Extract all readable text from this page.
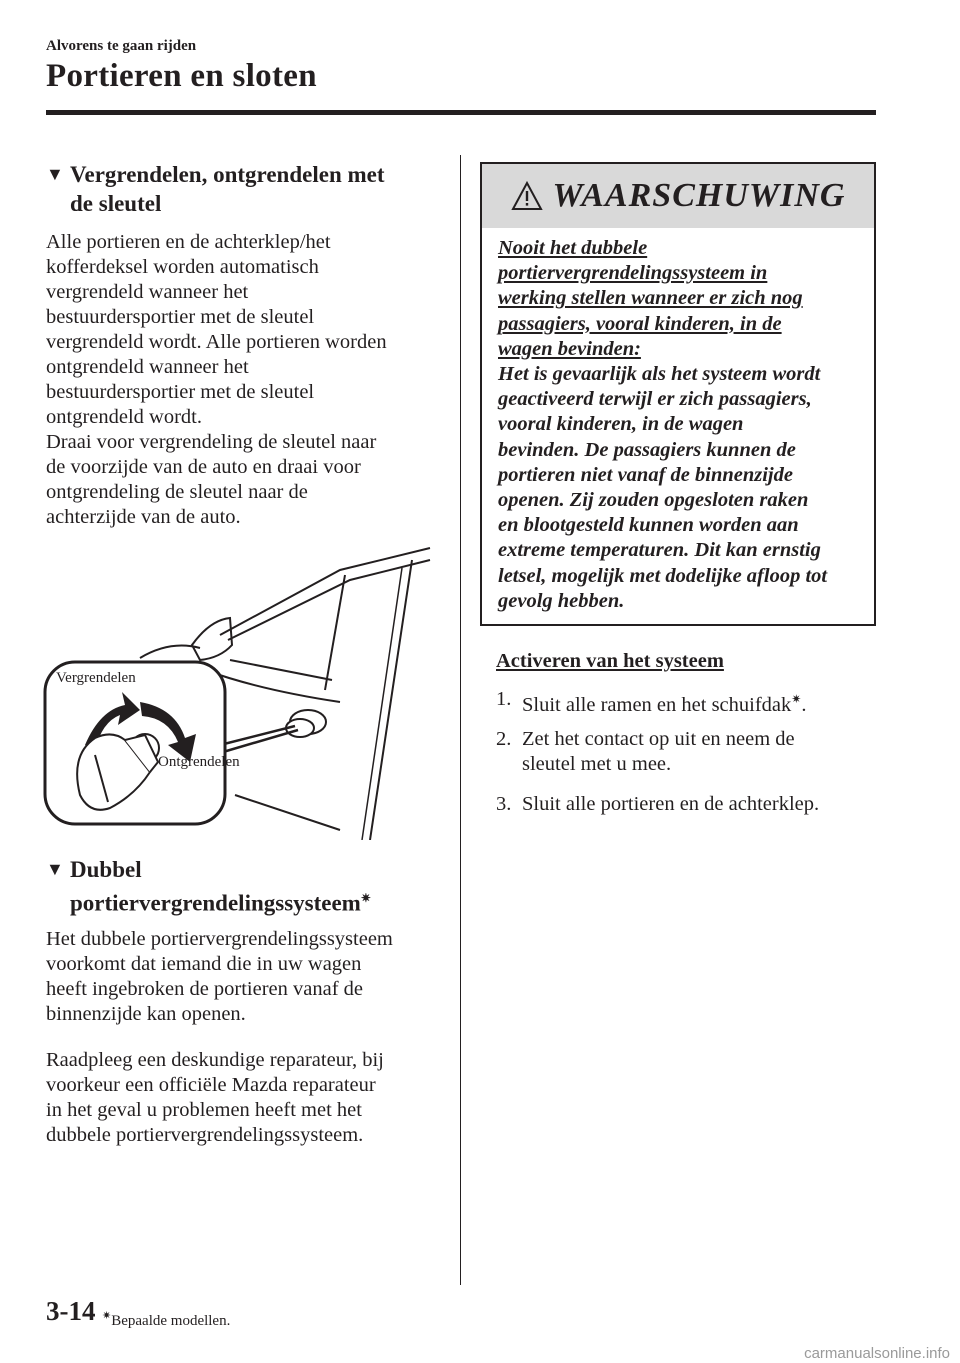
Alvorens te gaan rijden
Portieren en sloten
▼ Vergrendelen, ontgrendelen met
de sleutel
Alle portieren en de achterklep/het
kofferdeksel worden automatisch
vergrendeld wanneer het
bestuurdersportier met de sleutel
vergrendeld wordt. Alle portieren worden
ontgrendeld wanneer het
bestuurdersportier met de sleutel
ontgrendeld wordt.
Draai voor vergrendeling de sleutel naar
de voorzijde van de auto en draai voor
ontgrendeling de sleutel naar de
achterzijde van de auto.
Vergrendelen
Ontgrendelen
▼ Dubbel
portiervergrendelingssysteem✷
Het dubbele portiervergrendelingssysteem
voorkomt dat iemand die in uw wagen
heeft ingebroken de portieren vanaf de
binnenzijde kan openen.
Raadpleeg een deskundige reparateur, bij
voorkeur een officiële Mazda reparateur
in het geval u problemen heeft met het
dubbele portiervergrendelingssysteem.
WAARSCHUWING
Nooit het dubbele
portiervergrendelingssysteem in
werking stellen wanneer er zich nog
passagiers, vooral kinderen, in de
wagen bevinden:
Het is gevaarlijk als het systeem wordt
geactiveerd terwijl er zich passagiers,
vooral kinderen, in de wagen
bevinden. De passagiers kunnen de
portieren niet vanaf de binnenzijde
openen. Zij zouden opgesloten raken
en blootgesteld kunnen worden aan
extreme temperaturen. Dit kan ernstig
letsel, mogelijk met dodelijke afloop tot
gevolg hebben.
Activeren van het systeem
1. Sluit alle ramen en het schuifdak✷.
2. Zet het contact op uit en neem de
sleutel met u mee.
3. Sluit alle portieren en de achterklep.
3-14 ✷Bepaalde modellen.
carmanualsonline.info
